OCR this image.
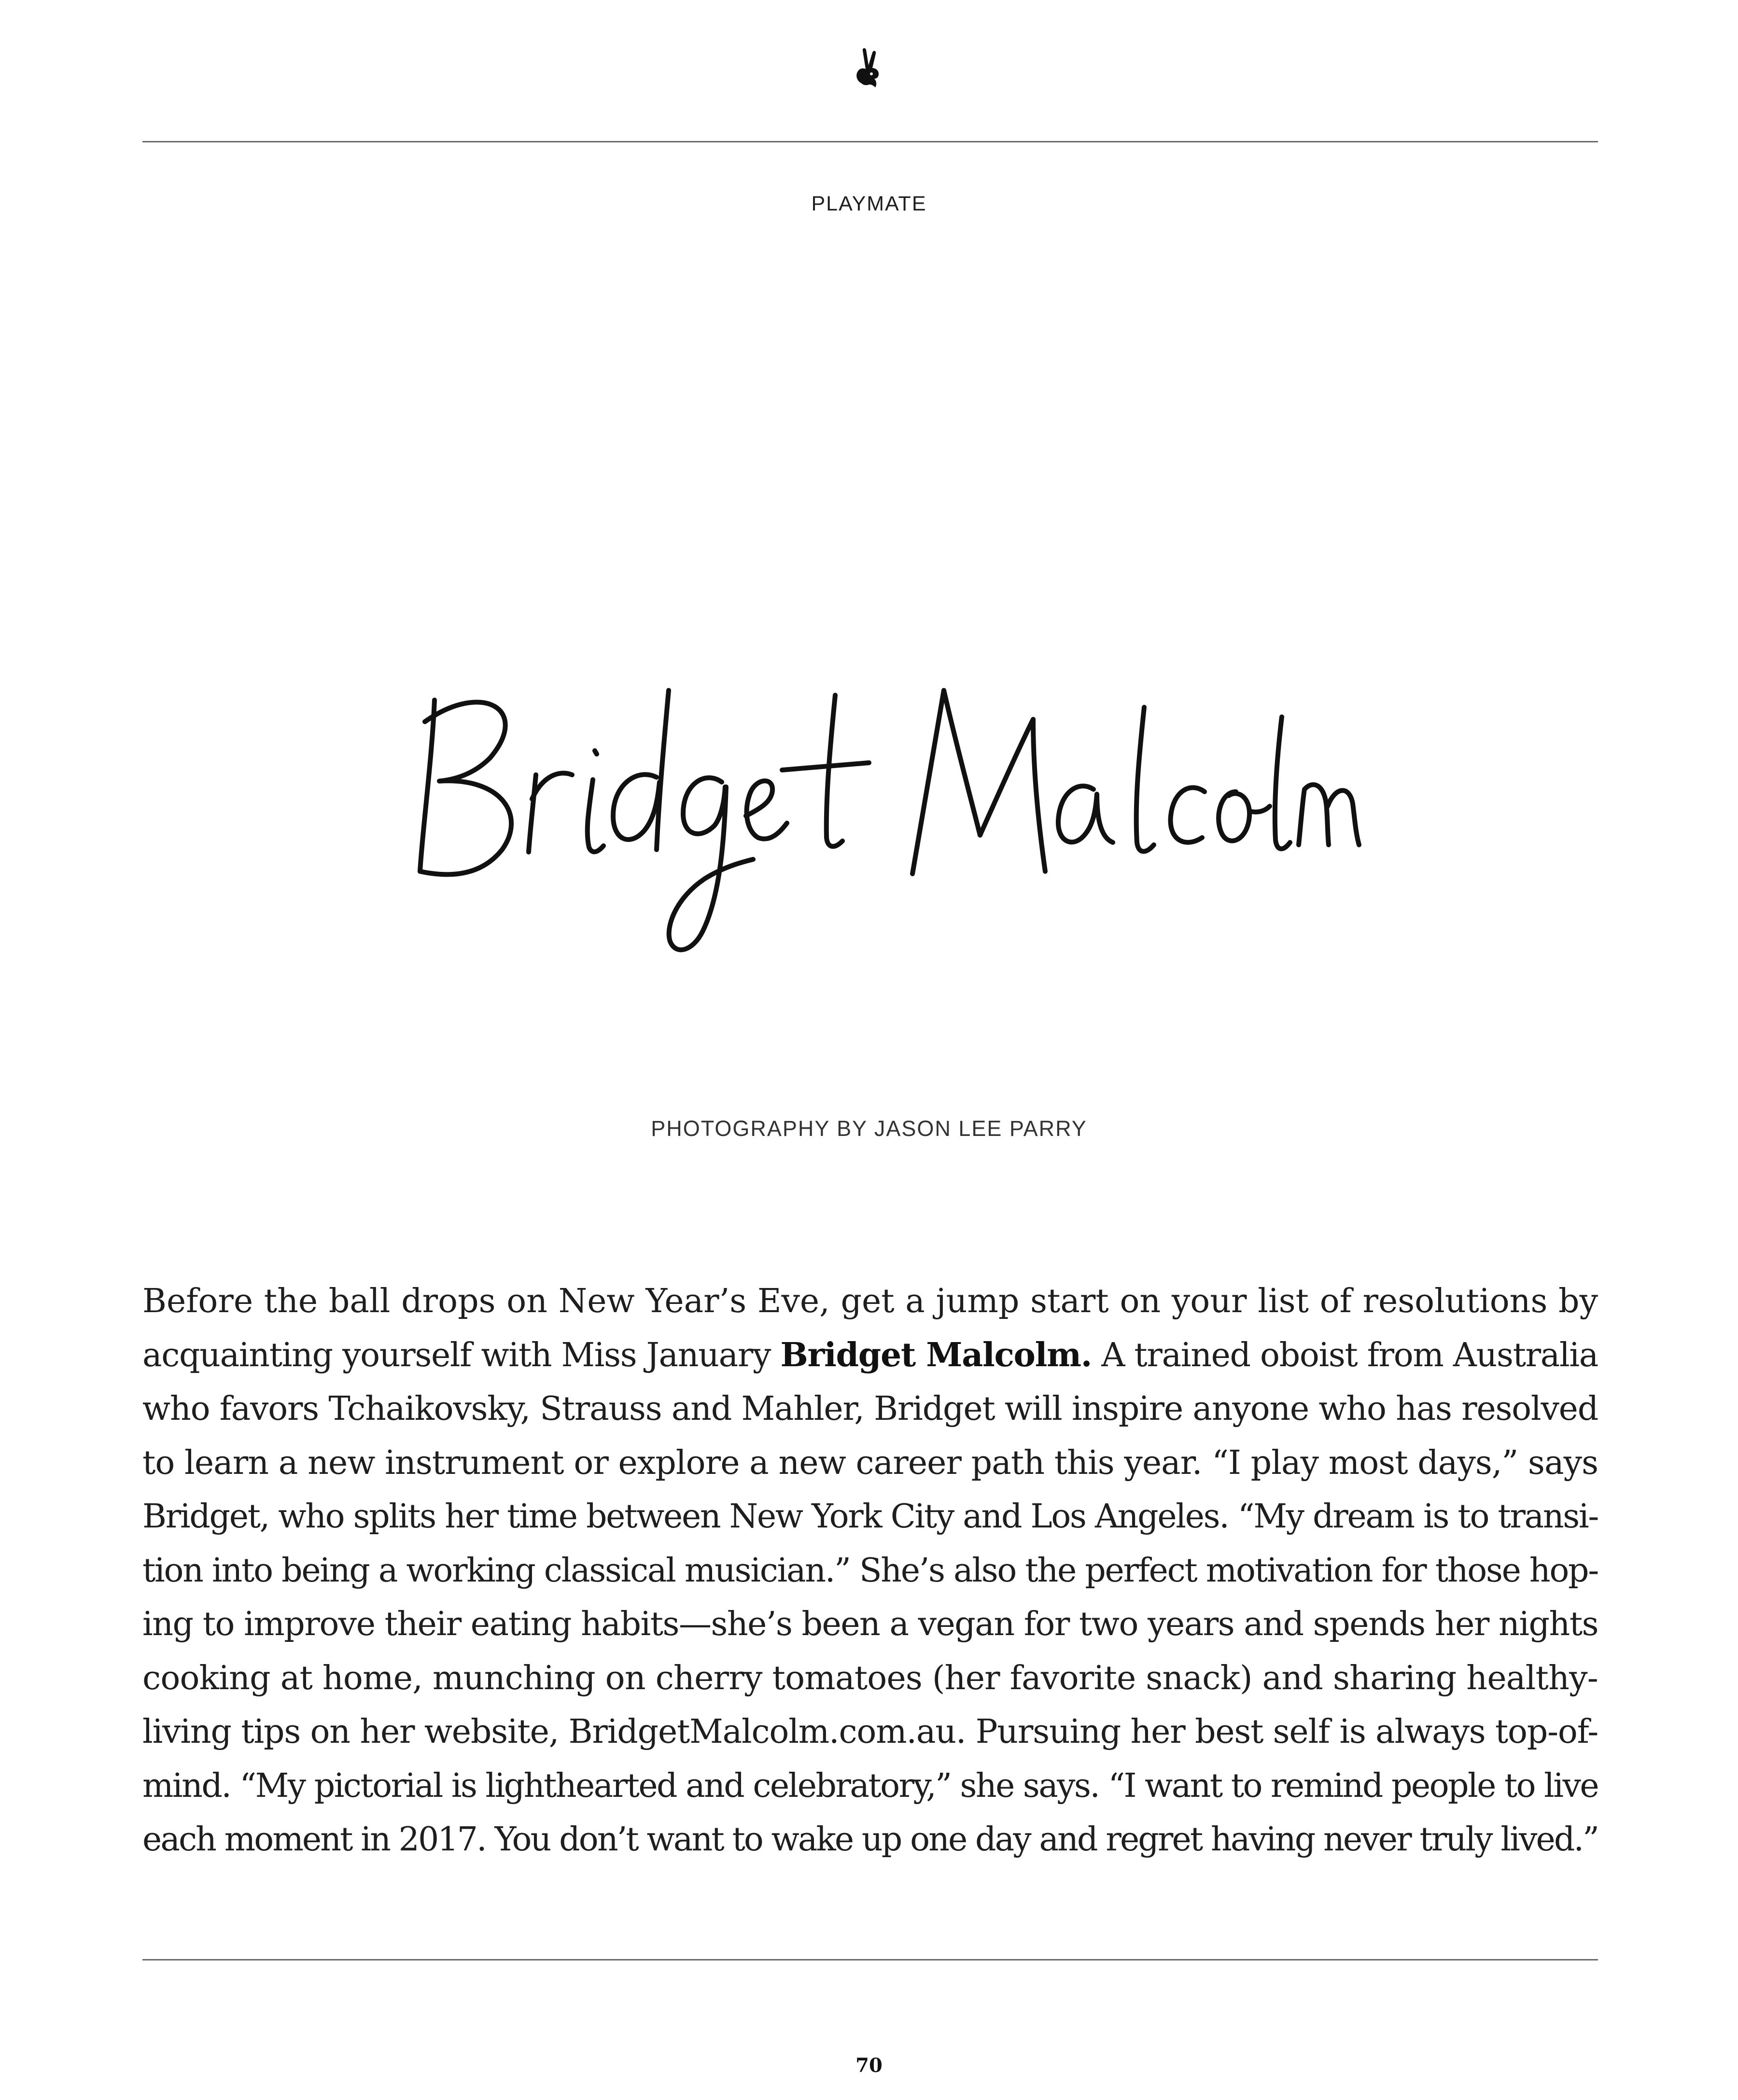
PLAYMATE
PHOTOGRAPHY BY JASON LEE PARRY
Before the ball drops on New Year’s Eve, get a jump start on your list of resolutions by
acquainting yourself with Miss January Bridget Malcolm. A trained oboist from Australia
who favors Tchaikovsky, Strauss and Mahler, Bridget will inspire anyone who has resolved
to learn a new instrument or explore a new career path this year. “I play most days,” says
Bridget, who splits her time between New York City and Los Angeles. “My dream is to transi-
tion into being a working classical musician.” She’s also the perfect motivation for those hop-
ing to improve their eating habits—she’s been a vegan for two years and spends her nights
cooking at home, munching on cherry tomatoes (her favorite snack) and sharing healthy-
living tips on her website, BridgetMalcolm.com.au. Pursuing her best self is always top-of-
mind. “My pictorial is lighthearted and celebratory,” she says. “I want to remind people to live
each moment in 2017. You don’t want to wake up one day and regret having never truly lived.”
70
